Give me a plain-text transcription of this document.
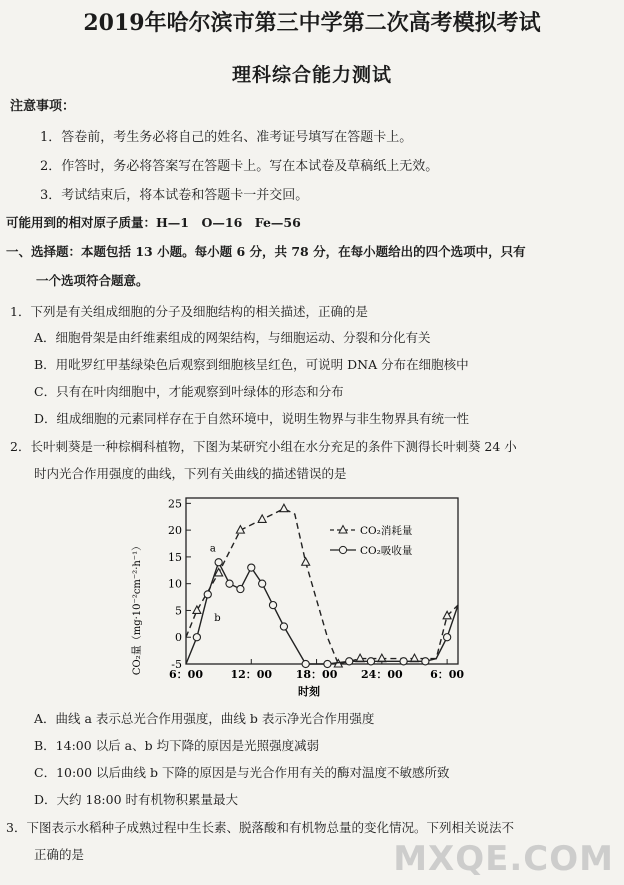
2019年哈尔滨市第三中学第二次高考模拟考试
理科综合能力测试
注意事项：
1．答卷前，考生务必将自己的姓名、准考证号填写在答题卡上。
2．作答时，务必将答案写在答题卡上。写在本试卷及草稿纸上无效。
3．考试结束后，将本试卷和答题卡一并交回。
可能用到的相对原子质量：H—1　O—16　Fe—56
一、选择题：本题包括 13 小题。每小题 6 分，共 78 分，在每小题给出的四个选项中，只有
一个选项符合题意。
1．下列是有关组成细胞的分子及细胞结构的相关描述，正确的是
A．细胞骨架是由纤维素组成的网架结构，与细胞运动、分裂和分化有关
B．用吡罗红甲基绿染色后观察到细胞核呈红色，可说明 DNA 分布在细胞核中
C．只有在叶肉细胞中，才能观察到叶绿体的形态和分布
D．组成细胞的元素同样存在于自然环境中，说明生物界与非生物界具有统一性
2．长叶刺葵是一种棕榈科植物，下图为某研究小组在水分充足的条件下测得长叶刺葵 24 小
时内光合作用强度的曲线，下列有关曲线的描述错误的是
-5
0
5
10
15
20
25
6：00 12：00 18：00 24：00 6：00
a
b
CO₂消耗量
CO₂吸收量
时刻
CO₂量（mg·10⁻²cm⁻²·h⁻¹）
A．曲线 a 表示总光合作用强度，曲线 b 表示净光合作用强度
B．14:00 以后 a、b 均下降的原因是光照强度减弱
C．10:00 以后曲线 b 下降的原因是与光合作用有关的酶对温度不敏感所致
D．大约 18:00 时有机物积累量最大
3．下图表示水稻种子成熟过程中生长素、脱落酸和有机物总量的变化情况。下列相关说法不
正确的是	MXQE.COM
